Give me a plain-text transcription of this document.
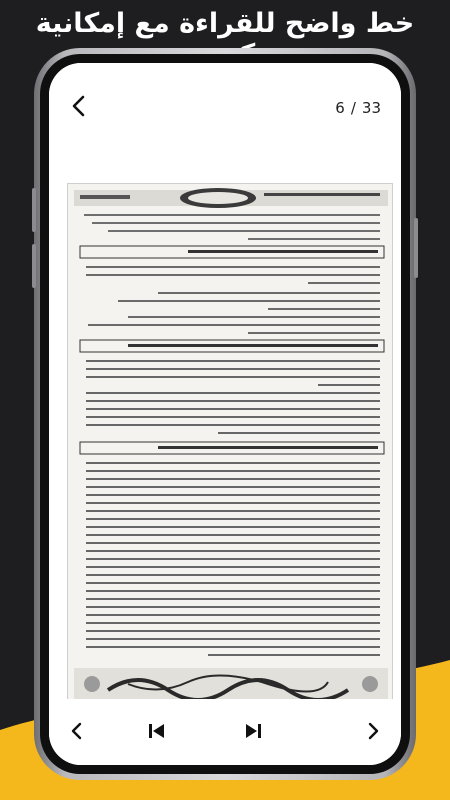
خط واضح للقراءة مع إمكانية
6 / 33
